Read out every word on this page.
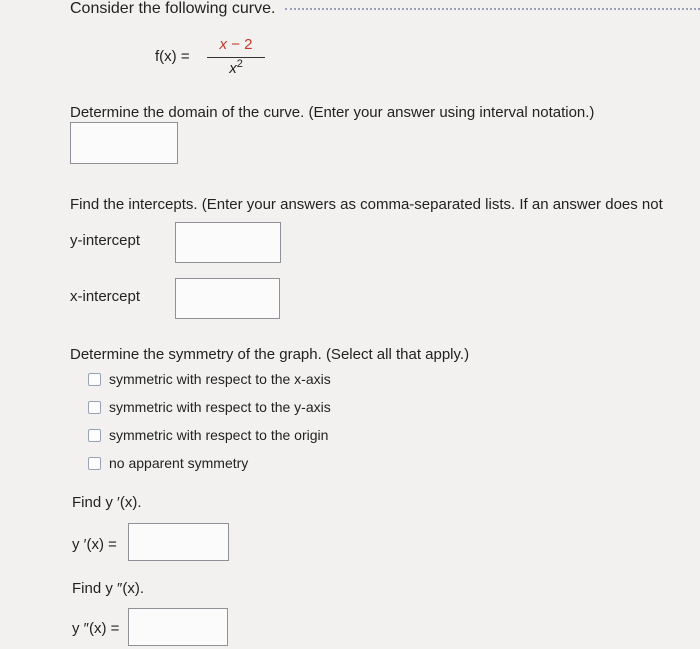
Consider the following curve.
f(x) =
x − 2
$x^2$
Determine the domain of the curve. (Enter your answer using interval notation.)
Find the intercepts. (Enter your answers as comma-separated lists. If an answer does not
y-intercept
x-intercept
Determine the symmetry of the graph. (Select all that apply.)
symmetric with respect to the x-axis
symmetric with respect to the y-axis
symmetric with respect to the origin
no apparent symmetry
Find y ′(x).
y ′(x) =
Find y ″(x).
y ″(x) =
